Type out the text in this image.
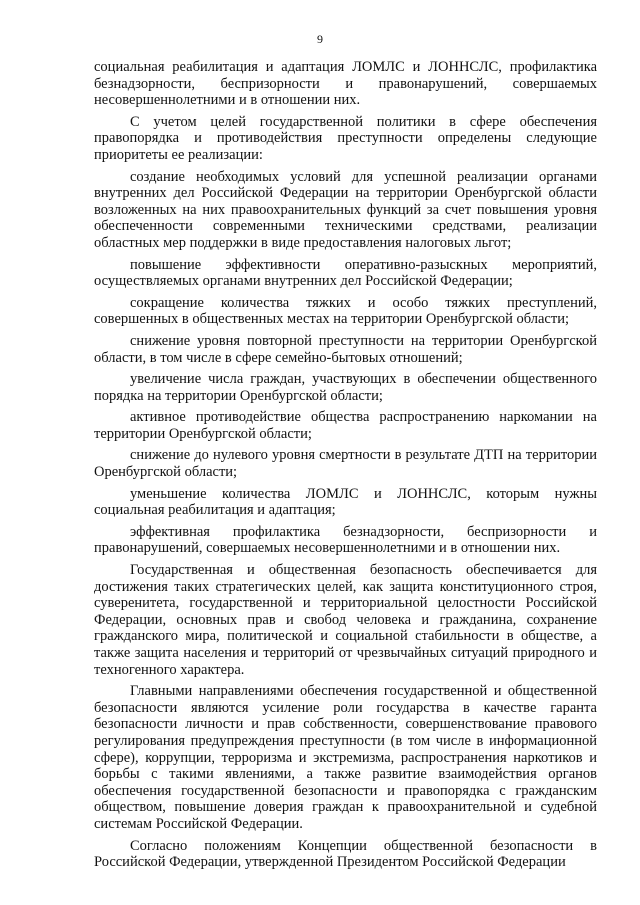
9

социальная реабилитация и адаптация ЛОМЛС и ЛОННСЛС, профилактика безнадзорности, беспризорности и правонарушений, совершаемых несовершеннолетними и в отношении них.

С учетом целей государственной политики в сфере обеспечения правопорядка и противодействия преступности определены следующие приоритеты ее реализации:

создание необходимых условий для успешной реализации органами внутренних дел Российской Федерации на территории Оренбургской области возложенных на них правоохранительных функций за счет повышения уровня обеспеченности современными техническими средствами, реализации областных мер поддержки в виде предоставления налоговых льгот;

повышение эффективности оперативно-разыскных мероприятий, осуществляемых органами внутренних дел Российской Федерации;

сокращение количества тяжких и особо тяжких преступлений, совершенных в общественных местах на территории Оренбургской области;

снижение уровня повторной преступности на территории Оренбургской области, в том числе в сфере семейно-бытовых отношений;

увеличение числа граждан, участвующих в обеспечении общественного порядка на территории Оренбургской области;

активное противодействие общества распространению наркомании на территории Оренбургской области;

снижение до нулевого уровня смертности в результате ДТП на территории Оренбургской области;

уменьшение количества ЛОМЛС и ЛОННСЛС, которым нужны социальная реабилитация и адаптация;

эффективная профилактика безнадзорности, беспризорности и правонарушений, совершаемых несовершеннолетними и в отношении них.

Государственная и общественная безопасность обеспечивается для достижения таких стратегических целей, как защита конституционного строя, суверенитета, государственной и территориальной целостности Российской Федерации, основных прав и свобод человека и гражданина, сохранение гражданского мира, политической и социальной стабильности в обществе, а также защита населения и территорий от чрезвычайных ситуаций природного и техногенного характера.

Главными направлениями обеспечения государственной и общественной безопасности являются усиление роли государства в качестве гаранта безопасности личности и прав собственности, совершенствование правового регулирования предупреждения преступности (в том числе в информационной сфере), коррупции, терроризма и экстремизма, распространения наркотиков и борьбы с такими явлениями, а также развитие взаимодействия органов обеспечения государственной безопасности и правопорядка с гражданским обществом, повышение доверия граждан к правоохранительной и судебной системам Российской Федерации.

Согласно положениям Концепции общественной безопасности в Российской Федерации, утвержденной Президентом Российской Федерации
